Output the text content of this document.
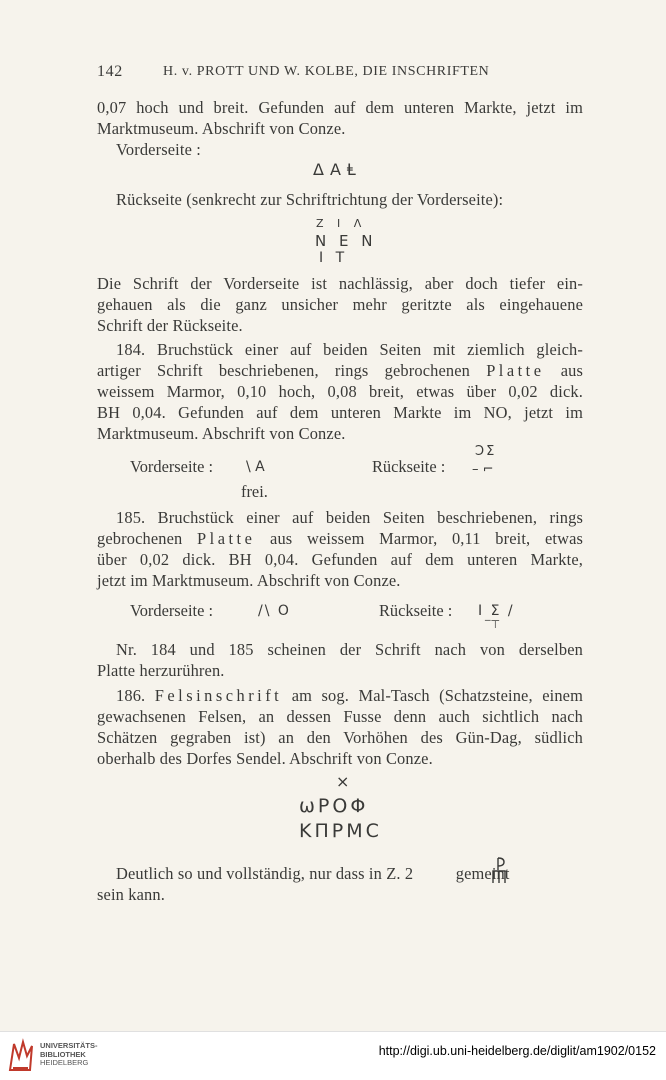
142	H. v. PROTT UND W. KOLBE, DIE INSCHRIFTEN
0,07 hoch und breit. Gefunden auf dem unteren Markte, jetzt im
Marktmuseum. Abschrift von Conze.
Vorderseite :
ΔAⱠ
Rückseite (senkrecht zur Schriftrichtung der Vorderseite):
Z I Λ
N E Ν
I T
Die Schrift der Vorderseite ist nachlässig, aber doch tiefer ein-
gehauen als die ganz unsicher mehr geritzte als eingehauene
Schrift der Rückseite.
184. Bruchstück einer auf beiden Seiten mit ziemlich gleich-
artiger Schrift beschriebenen, rings gebrochenen Platte aus
weissem Marmor, 0,10 hoch, 0,08 breit, etwas über 0,02 dick.
BH 0,04. Gefunden auf dem unteren Markte im NO, jetzt im
Marktmuseum. Abschrift von Conze.
Vorderseite : \ A
frei.
Rückseite :
ϽΣ
– ⌐
185. Bruchstück einer auf beiden Seiten beschriebenen, rings
gebrochenen Platte aus weissem Marmor, 0,11 breit, etwas
über 0,02 dick. BH 0,04. Gefunden auf dem unteren Markte,
jetzt im Marktmuseum. Abschrift von Conze.
Vorderseite :	/\ O	Rückseite : I Σ /
‾⊤
Nr. 184 und 185 scheinen der Schrift nach von derselben
Platte herzurühren.
186. Felsinschrift am sog. Mal-Tasch (Schatzsteine, einem
gewachsenen Felsen, an dessen Fusse denn auch sichtlich nach
Schätzen gegraben ist) an den Vorhöhen des Gün-Dag, südlich
oberhalb des Dorfes Sendel. Abschrift von Conze.
×
ωΡΟΦ
ΚΠΡΜC
Deutlich so und vollständig, nur dass in Z. 2	gemeint
sein kann.
UNIVERSITÄTS-
BIBLIOTHEK
HEIDELBERG
http://digi.ub.uni-heidelberg.de/diglit/am1902/0152
